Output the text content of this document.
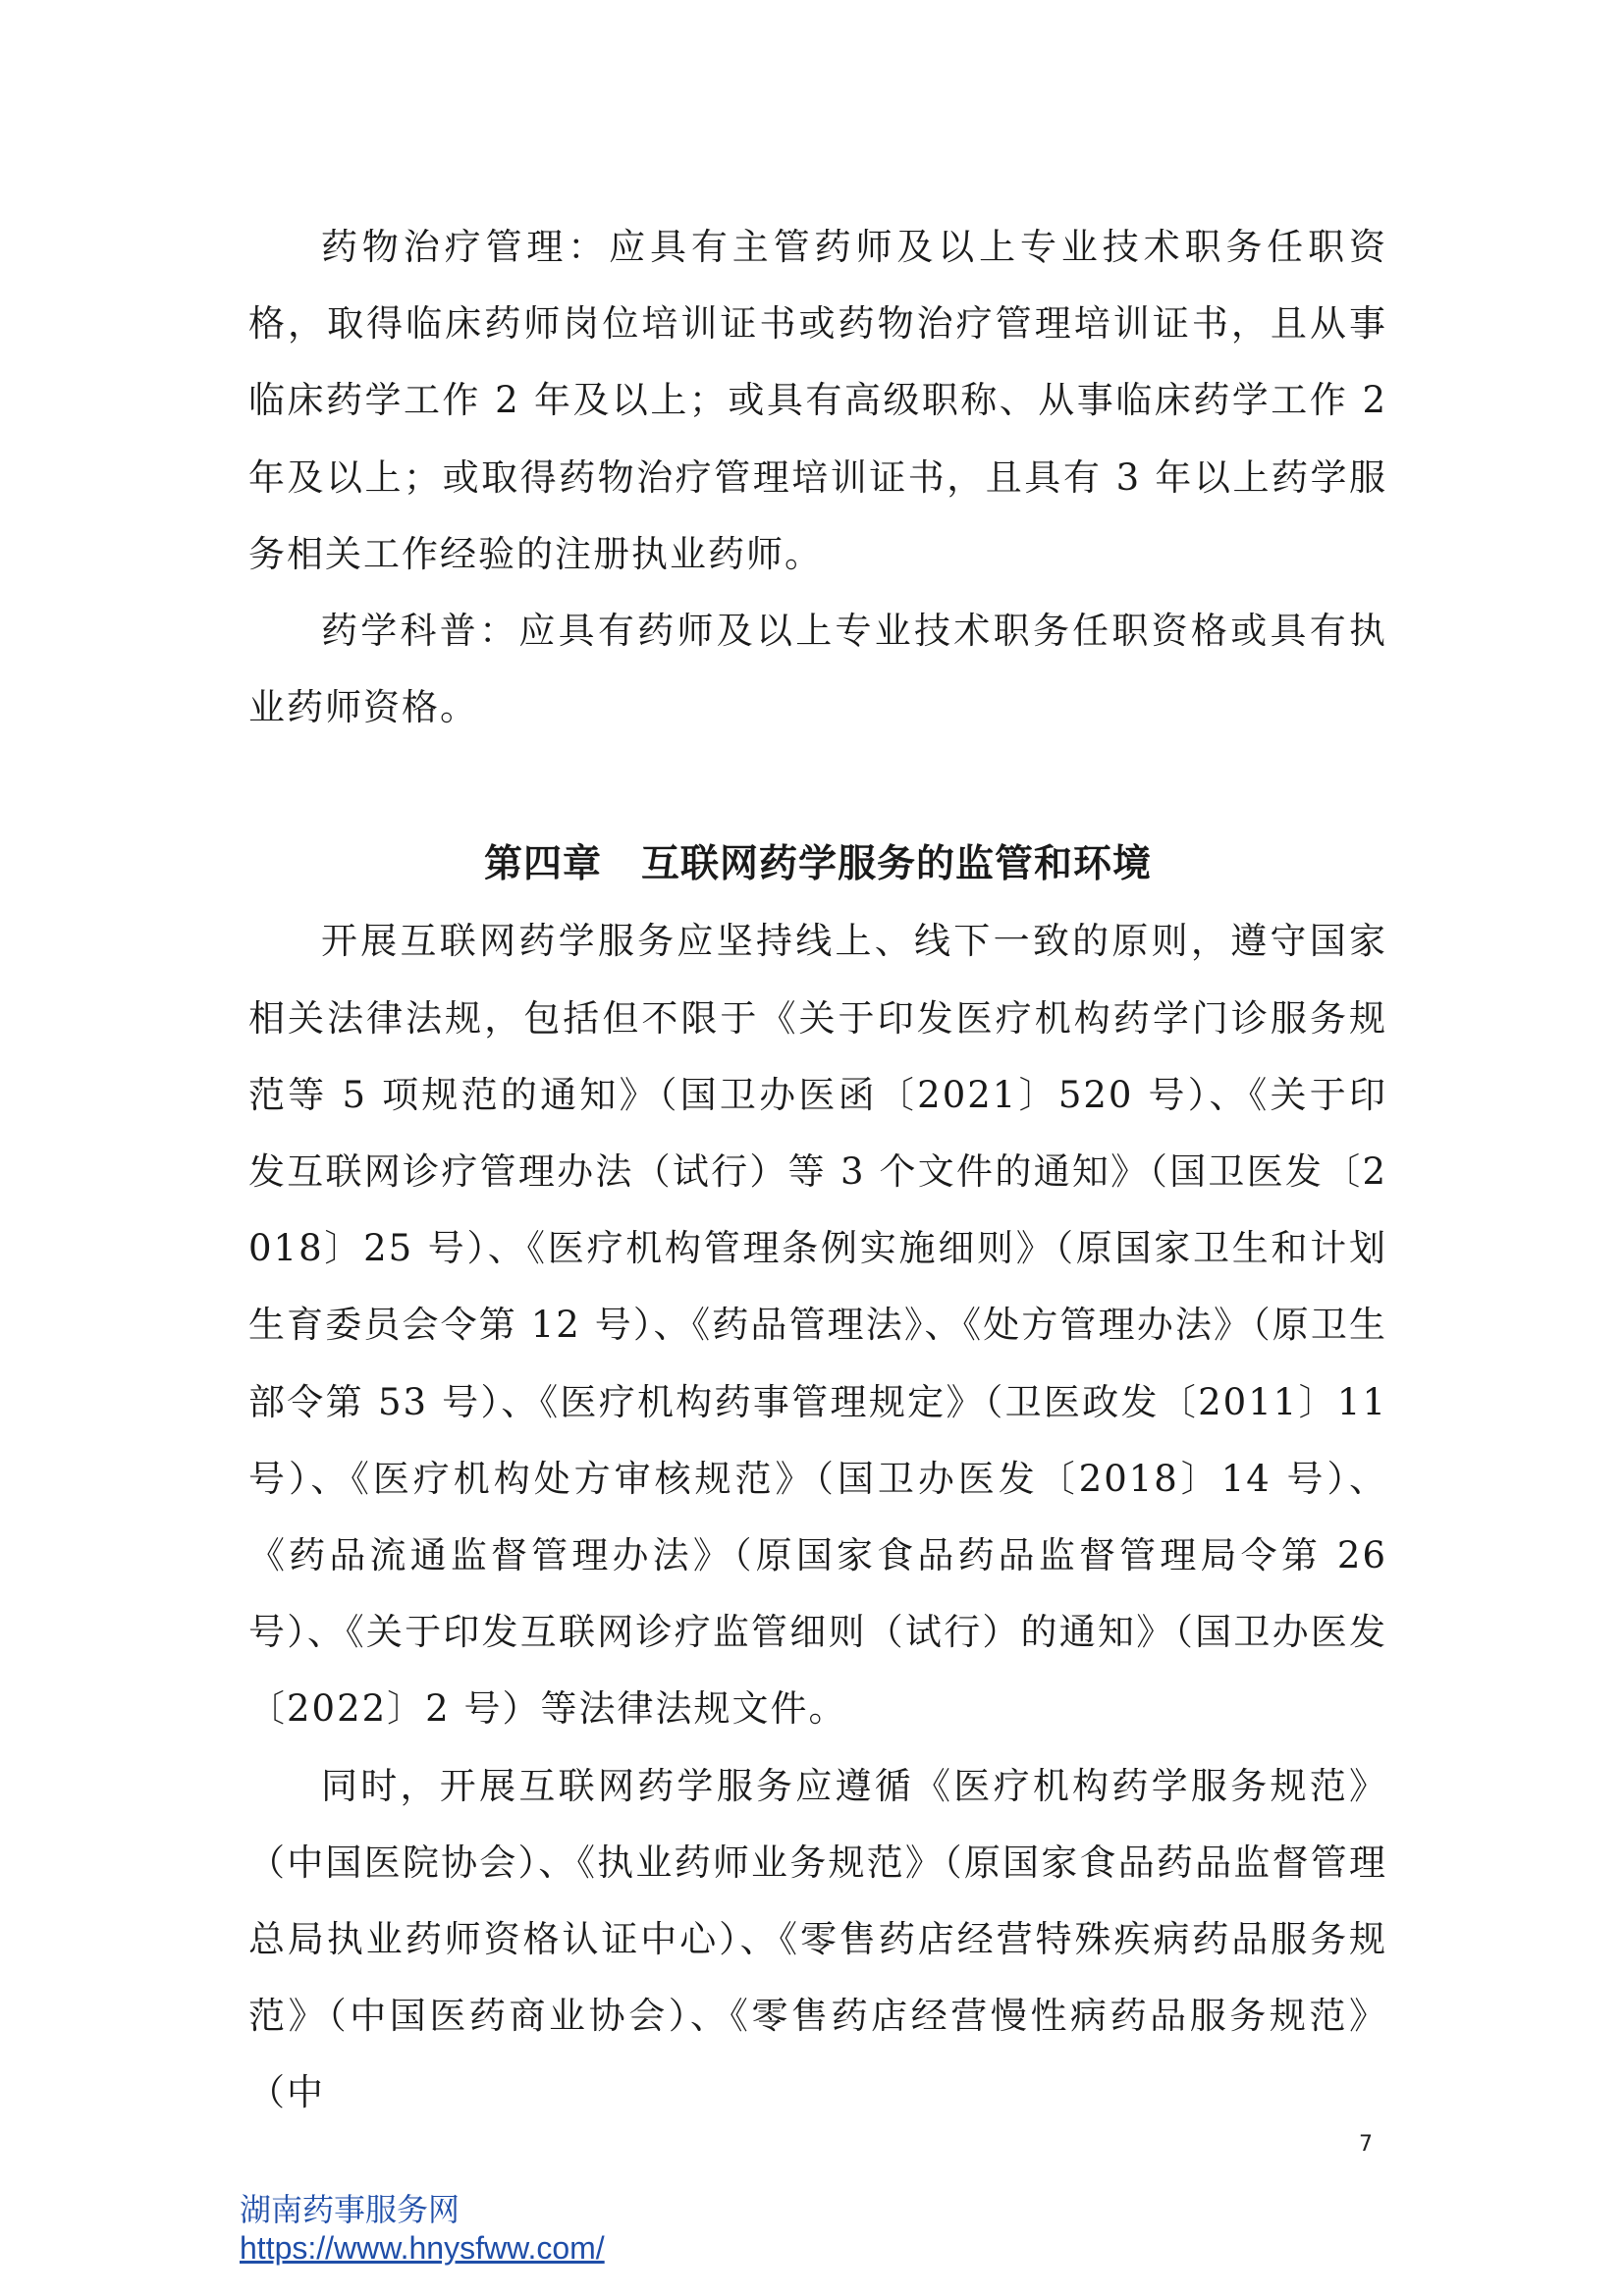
药物治疗管理：应具有主管药师及以上专业技术职务任职资格，取得临床药师岗位培训证书或药物治疗管理培训证书，且从事临床药学工作 2 年及以上；或具有高级职称、从事临床药学工作 2 年及以上；或取得药物治疗管理培训证书，且具有 3 年以上药学服务相关工作经验的注册执业药师。

药学科普：应具有药师及以上专业技术职务任职资格或具有执业药师资格。

第四章　互联网药学服务的监管和环境

开展互联网药学服务应坚持线上、线下一致的原则，遵守国家相关法律法规，包括但不限于《关于印发医疗机构药学门诊服务规范等 5 项规范的通知》（国卫办医函〔2021〕520 号）、《关于印发互联网诊疗管理办法（试行）等 3 个文件的通知》（国卫医发〔2018〕25 号）、《医疗机构管理条例实施细则》（原国家卫生和计划生育委员会令第 12 号）、《药品管理法》、《处方管理办法》（原卫生部令第 53 号）、《医疗机构药事管理规定》（卫医政发〔2011〕11 号）、《医疗机构处方审核规范》（国卫办医发〔2018〕14 号）、《药品流通监督管理办法》（原国家食品药品监督管理局令第 26 号）、《关于印发互联网诊疗监管细则（试行）的通知》（国卫办医发〔2022〕2 号）等法律法规文件。

同时，开展互联网药学服务应遵循《医疗机构药学服务规范》（中国医院协会）、《执业药师业务规范》（原国家食品药品监督管理总局执业药师资格认证中心）、《零售药店经营特殊疾病药品服务规范》（中国医药商业协会）、《零售药店经营慢性病药品服务规范》（中

7
湖南药事服务网
https://www.hnysfww.com/
